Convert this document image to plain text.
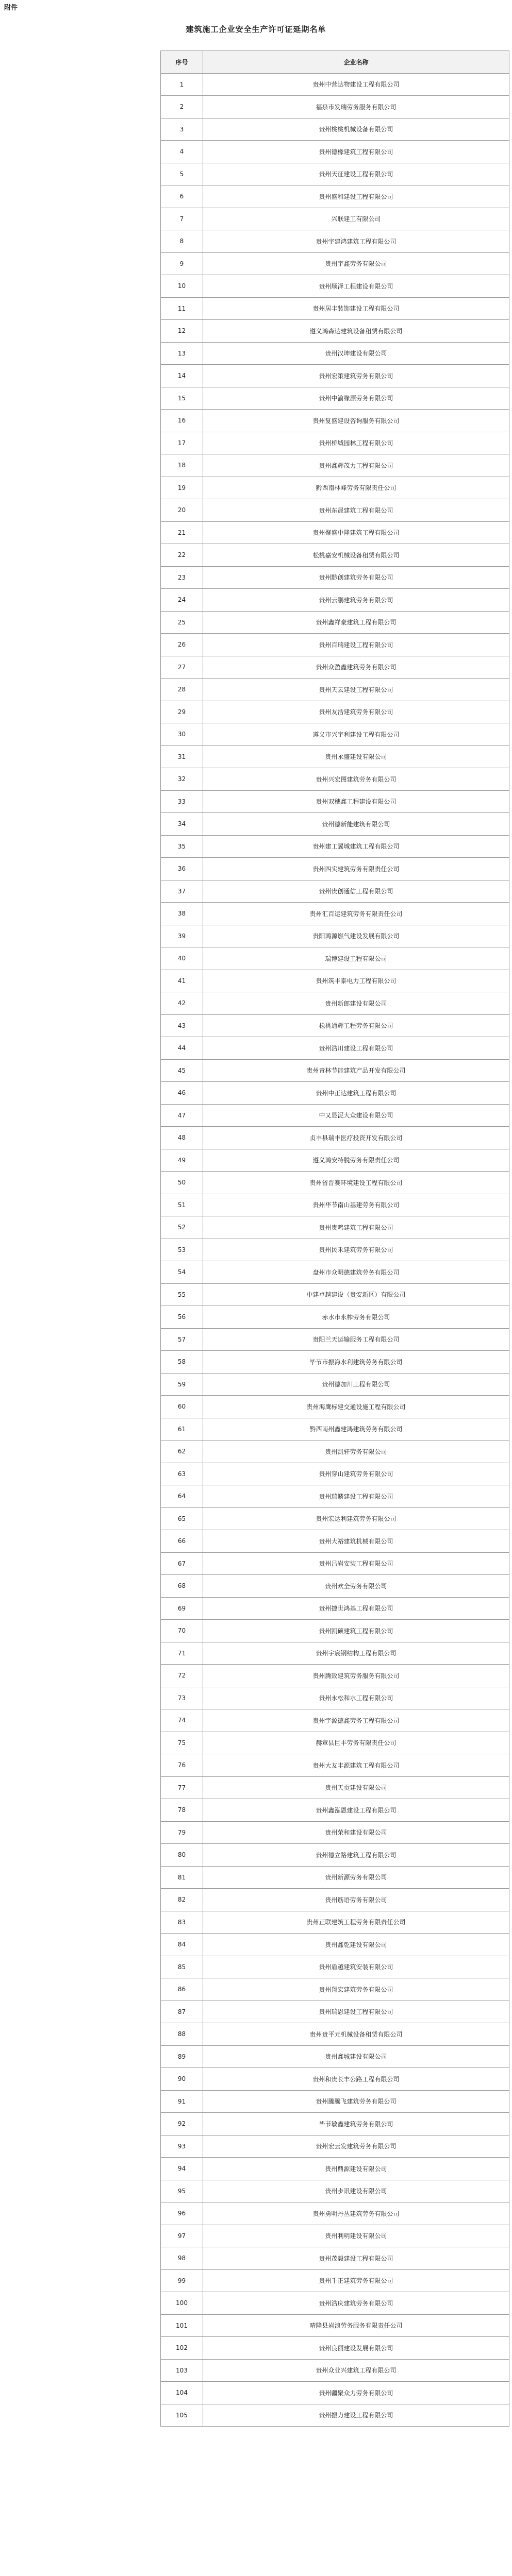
附件
建筑施工企业安全生产许可证延期名单
序号	企业名称
1	贵州中营达物建设工程有限公司
2	福泉市发瑞劳务服务有限公司
3	贵州桃桃机械设备有限公司
4	贵州德橡建筑工程有限公司
5	贵州天征建设工程有限公司
6	贵州盛和建设工程有限公司
7	兴联建工有限公司
8	贵州宇建鸿建筑工程有限公司
9	贵州宇鑫劳务有限公司
10	贵州顺泽工程建设有限公司
11	贵州居丰装饰建设工程有限公司
12	遵义鸿森达建筑设备租赁有限公司
13	贵州汉坤建设有限公司
14	贵州宏策建筑劳务有限公司
15	贵州中渝缘源劳务有限公司
16	贵州复盛建设咨询服务有限公司
17	贵州桥城园林工程有限公司
18	贵州鑫辉茂力工程有限公司
19	黔西南林峰劳务有限责任公司
20	贵州东晟建筑工程有限公司
21	贵州聚盛中隆建筑工程有限公司
22	松桃嘉安机械设备租赁有限公司
23	贵州黔创建筑劳务有限公司
24	贵州云鹏建筑劳务有限公司
25	贵州鑫祥豪建筑工程有限公司
26	贵州百瑞建设工程有限公司
27	贵州众盈鑫建筑劳务有限公司
28	贵州天云建设工程有限公司
29	贵州友浩建筑劳务有限公司
30	遵义市兴宇利建设工程有限公司
31	贵州永盛建设有限公司
32	贵州兴宏图建筑劳务有限公司
33	贵州双穗鑫工程建设有限公司
34	贵州德新能建筑有限公司
35	贵州建工翼城建筑工程有限公司
36	贵州四实建筑劳务有限责任公司
37	贵州贵创通信工程有限公司
38	贵州汇百运建筑劳务有限责任公司
39	贵阳鸿源燃气建设发展有限公司
40	瑞博建设工程有限公司
41	贵州筑丰泰电力工程有限公司
42	贵州新郎建设有限公司
43	松桃通辉工程劳务有限公司
44	贵州浩川建设工程有限公司
45	贵州青林节能建筑产品开发有限公司
46	贵州中正达建筑工程有限公司
47	中又显泥大众建设有限公司
48	贞丰县瑞丰医疗投资开发有限公司
49	遵义鸿安特脱劳务有限责任公司
50	贵州省晋赛环境建设工程有限公司
51	贵州华节南山基建劳务有限公司
52	贵州贵鸣建筑工程有限公司
53	贵州民禾建筑劳务有限公司
54	盘州市众明德建筑劳务有限公司
55	中建卓越建设（贵安新区）有限公司
56	赤水市永榨劳务有限公司
57	贵阳兰天运输服务工程有限公司
58	毕节市振海水利建筑劳务有限公司
59	贵州德加川工程有限公司
60	贵州海鹰标建交通设施工程有限公司
61	黔西南州鑫建鸿建筑劳务有限公司
62	贵州凯轩劳务有限公司
63	贵州穿山建筑劳务有限公司
64	贵州瑞鳞建设工程有限公司
65	贵州宏达利建筑劳务有限公司
66	贵州大裕建筑机械有限公司
67	贵州吕岩安装工程有限公司
68	贵州欢全劳务有限公司
69	贵州捷世鸿基工程有限公司
70	贵州凯硕建筑工程有限公司
71	贵州宇宸钢结构工程有限公司
72	贵州腾致建筑劳务服务有限公司
73	贵州永松和水工程有限公司
74	贵州宇源德鑫劳务工程有限公司
75	赫章县巨丰劳务有限责任公司
76	贵州大友丰源建筑工程有限公司
77	贵州天贡建设有限公司
78	贵州鑫泓恩建设工程有限公司
79	贵州荣和建设有限公司
80	贵州德立路建筑工程有限公司
81	贵州新源劳务有限公司
82	贵州筋语劳务有限公司
83	贵州正联建筑工程劳务有限责任公司
84	贵州鑫乾建设有限公司
85	贵州盾越建筑安装有限公司
86	贵州翔宏建筑劳务有限公司
87	贵州瑞恩建设工程有限公司
88	贵州贵平元机械设备租赁有限公司
89	贵州鑫城建设有限公司
90	贵州和贵长丰公路工程有限公司
91	贵州騰騰飞建筑劳务有限公司
92	毕节敏鑫建筑劳务有限公司
93	贵州宏云发建筑劳务有限公司
94	贵州鼎源建设有限公司
95	贵州步讯建设有限公司
96	贵州勇明丹丛建筑劳务有限公司
97	贵州利明建设有限公司
98	贵州茂毅建设工程有限公司
99	贵州千正建筑劳务有限公司
100	贵州浩庆建筑劳务有限公司
101	晴隆县岩浪劳务服务有限责任公司
102	贵州良丽建设发展有限公司
103	贵州众业兴建筑工程有限公司
104	贵州疆聚众力劳务有限公司
105	贵州振力建设工程有限公司
